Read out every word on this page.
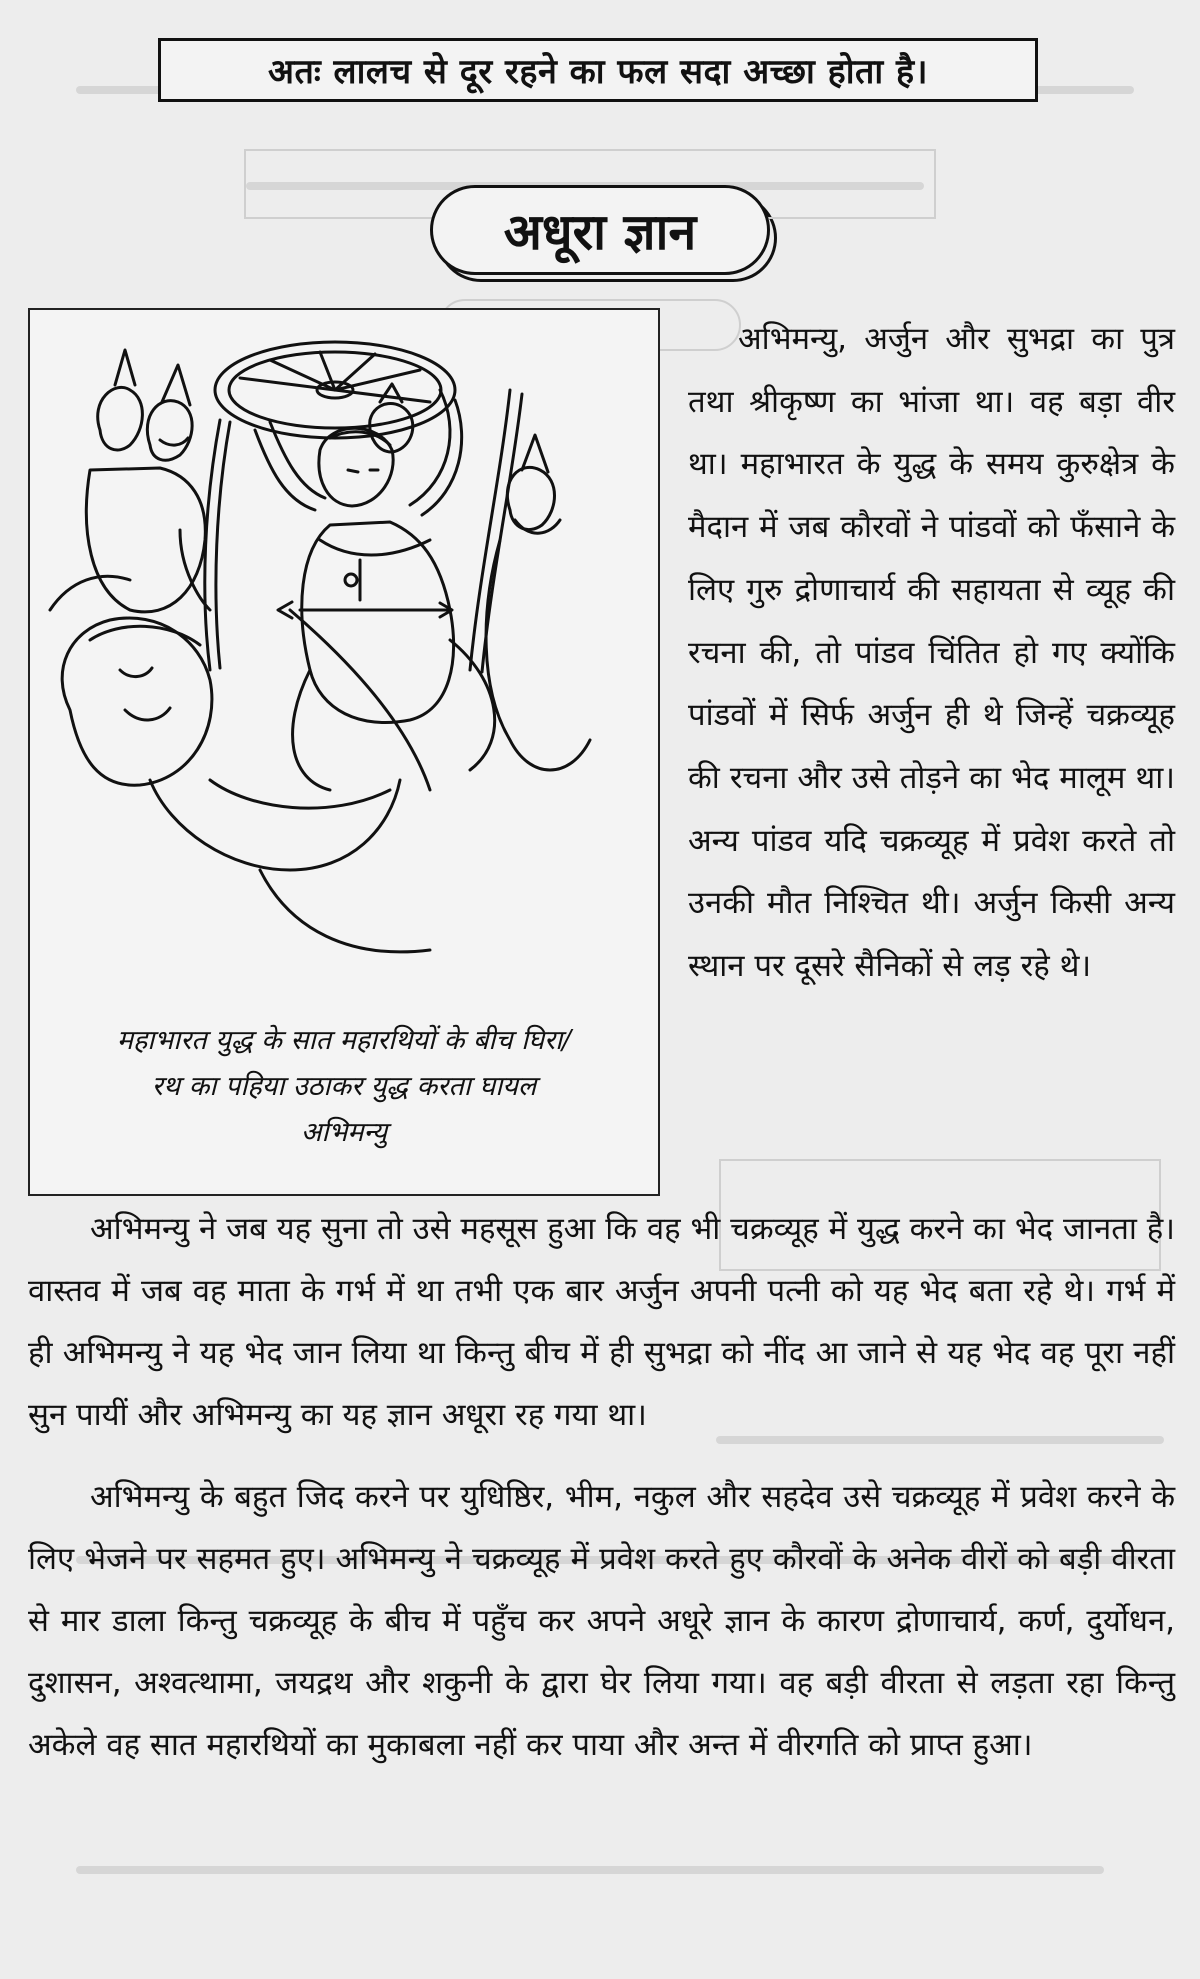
अतः लालच से दूर रहने का फल सदा अच्छा होता है।
अधूरा ज्ञान
महाभारत युद्ध के सात महारथियों के बीच घिरा/
रथ का पहिया उठाकर युद्ध करता घायल
अभिमन्यु

अभिमन्यु, अर्जुन और सुभद्रा का पुत्र तथा श्रीकृष्ण का भांजा था। वह बड़ा वीर था। महाभारत के युद्ध के समय कुरुक्षेत्र के मैदान में जब कौरवों ने पांडवों को फँसाने के लिए गुरु द्रोणाचार्य की सहायता से व्यूह की रचना की, तो पांडव चिंतित हो गए क्योंकि पांडवों में सिर्फ अर्जुन ही थे जिन्हें चक्रव्यूह की रचना और उसे तोड़ने का भेद मालूम था। अन्य पांडव यदि चक्रव्यूह में प्रवेश करते तो उनकी मौत निश्चित थी। अर्जुन किसी अन्य स्थान पर दूसरे सैनिकों से लड़ रहे थे।

अभिमन्यु ने जब यह सुना तो उसे महसूस हुआ कि वह भी चक्रव्यूह में युद्ध करने का भेद जानता है। वास्तव में जब वह माता के गर्भ में था तभी एक बार अर्जुन अपनी पत्नी को यह भेद बता रहे थे। गर्भ में ही अभिमन्यु ने यह भेद जान लिया था किन्तु बीच में ही सुभद्रा को नींद आ जाने से यह भेद वह पूरा नहीं सुन पायीं और अभिमन्यु का यह ज्ञान अधूरा रह गया था।

अभिमन्यु के बहुत जिद करने पर युधिष्ठिर, भीम, नकुल और सहदेव उसे चक्रव्यूह में प्रवेश करने के लिए भेजने पर सहमत हुए। अभिमन्यु ने चक्रव्यूह में प्रवेश करते हुए कौरवों के अनेक वीरों को बड़ी वीरता से मार डाला किन्तु चक्रव्यूह के बीच में पहुँच कर अपने अधूरे ज्ञान के कारण द्रोणाचार्य, कर्ण, दुर्योधन, दुशासन, अश्वत्थामा, जयद्रथ और शकुनी के द्वारा घेर लिया गया। वह बड़ी वीरता से लड़ता रहा किन्तु अकेले वह सात महारथियों का मुकाबला नहीं कर पाया और अन्त में वीरगति को प्राप्त हुआ।
